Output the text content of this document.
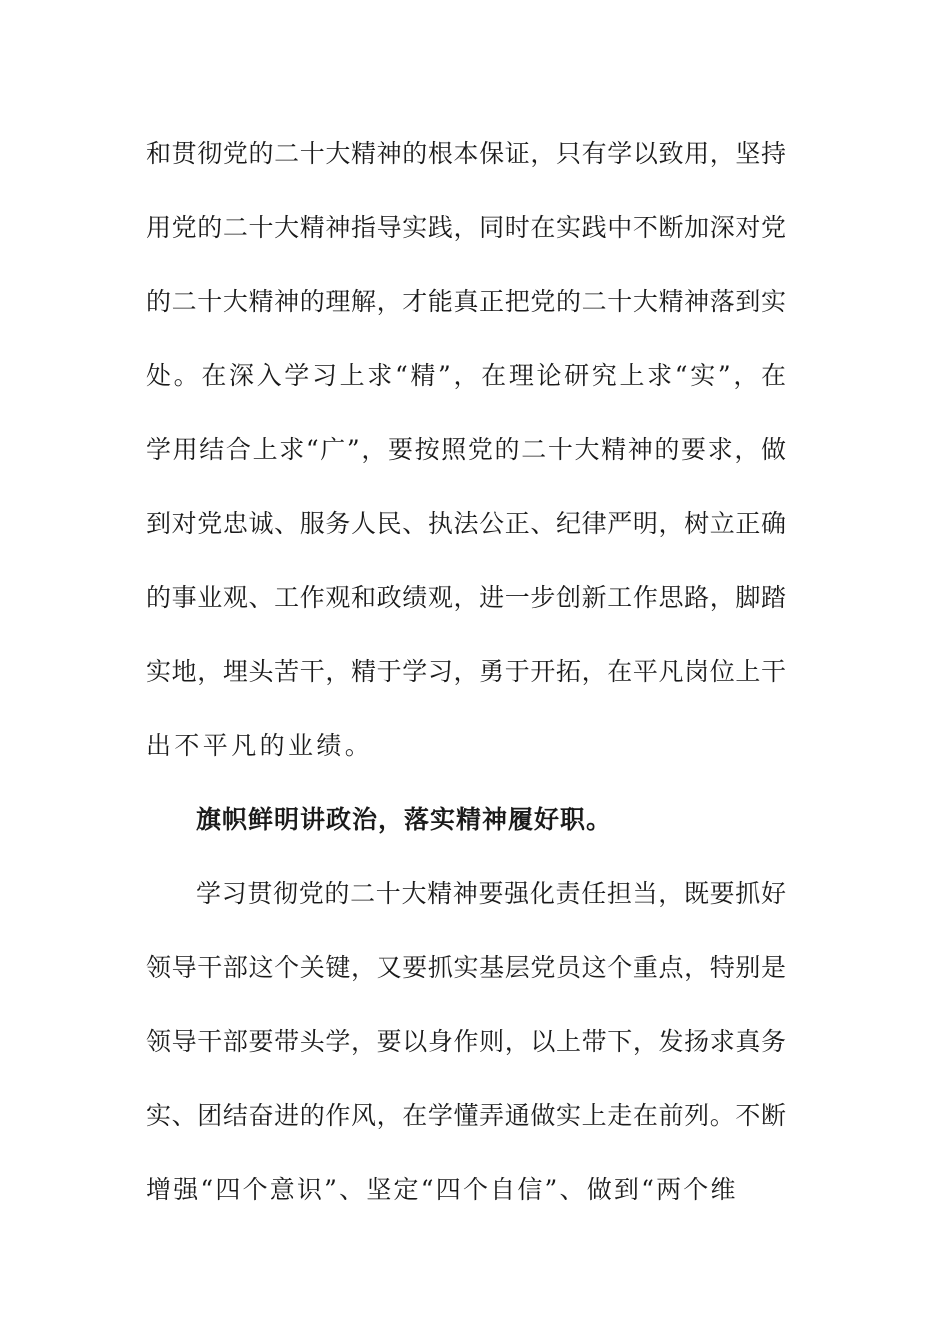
和贯彻党的二十大精神的根本保证，只有学以致用，坚持
用党的二十大精神指导实践，同时在实践中不断加深对党
的二十大精神的理解，才能真正把党的二十大精神落到实
处。在深入学习上求“精”，在理论研究上求“实”，在
学用结合上求“广”，要按照党的二十大精神的要求，做
到对党忠诚、服务人民、执法公正、纪律严明，树立正确
的事业观、工作观和政绩观，进一步创新工作思路，脚踏
实地，埋头苦干，精于学习，勇于开拓，在平凡岗位上干
出不平凡的业绩。
旗帜鲜明讲政治，落实精神履好职。
学习贯彻党的二十大精神要强化责任担当，既要抓好
领导干部这个关键，又要抓实基层党员这个重点，特别是
领导干部要带头学，要以身作则，以上带下，发扬求真务
实、团结奋进的作风，在学懂弄通做实上走在前列。不断
增强“四个意识”、坚定“四个自信”、做到“两个维
